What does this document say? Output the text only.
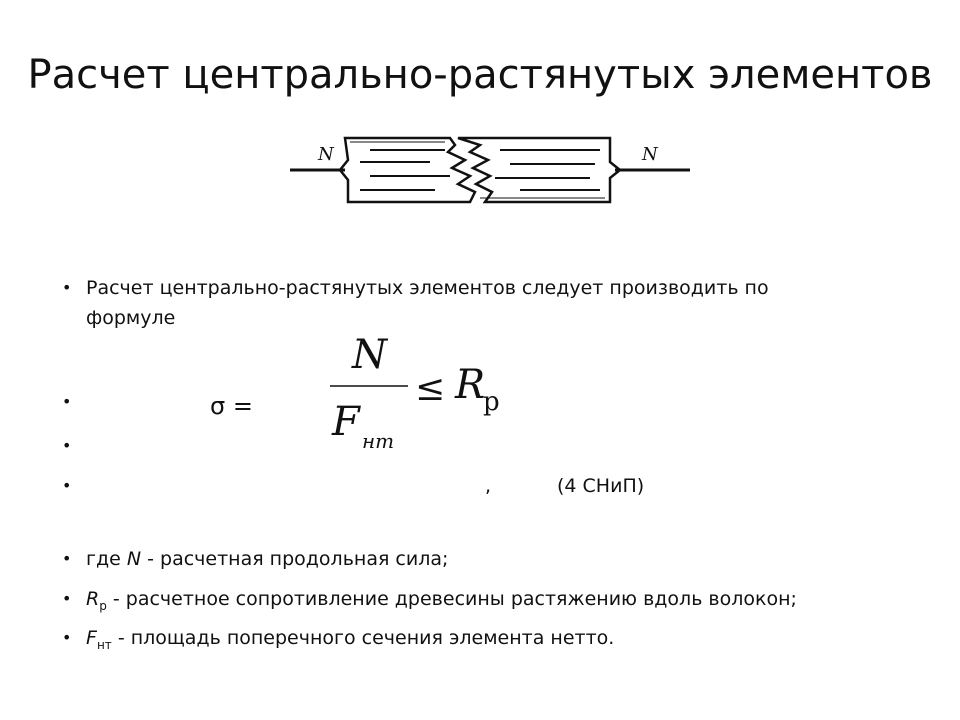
Расчет центрально-растянутых элементов
N	N
• Расчет центрально-растянутых элементов следует производить по
формуле
•
•
•
• где N - расчетная продольная сила;
• $R_р$ - расчетное сопротивление древесины растяжению вдоль волокон;
• $F_{нт}$ - площадь поперечного сечения элемента нетто.
σ =
N
F нт
≤ R
р
,	(4 СНиП)
